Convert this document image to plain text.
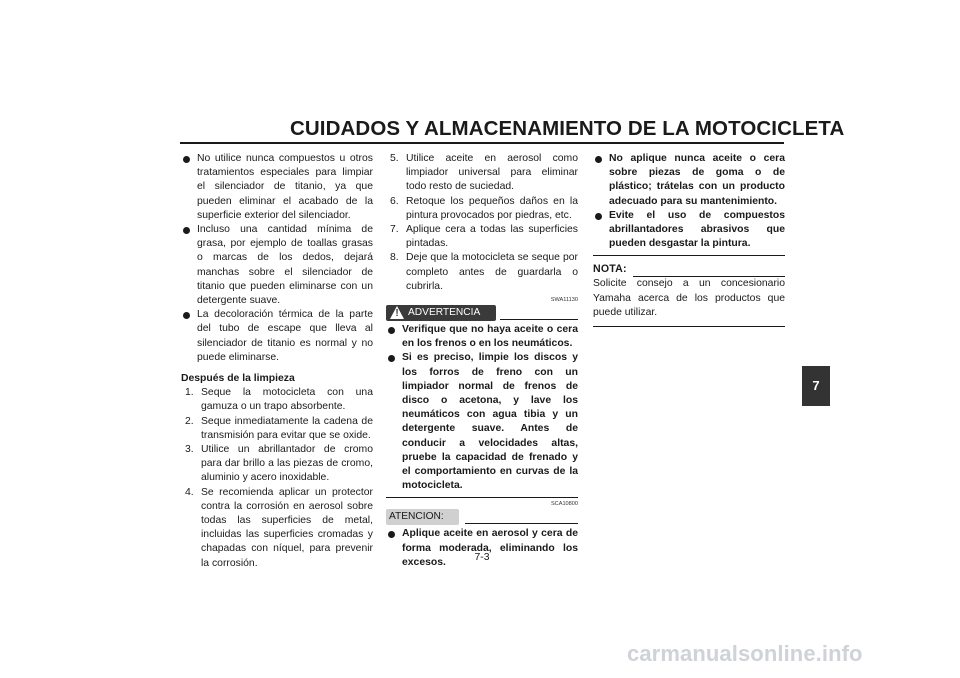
CUIDADOS Y ALMACENAMIENTO DE LA MOTOCICLETA
No utilice nunca compuestos u otros tratamientos especiales para limpiar el silenciador de titanio, ya que pueden eliminar el acabado de la superficie exterior del silenciador.
Incluso una cantidad mínima de grasa, por ejemplo de toallas grasas o marcas de los dedos, dejará manchas sobre el silenciador de titanio que pueden eliminarse con un detergente suave.
La decoloración térmica de la parte del tubo de escape que lleva al silenciador de titanio es normal y no puede eliminarse.
Después de la limpieza
1. Seque la motocicleta con una gamuza o un trapo absorbente.
2. Seque inmediatamente la cadena de transmisión para evitar que se oxide.
3. Utilice un abrillantador de cromo para dar brillo a las piezas de cromo, aluminio y acero inoxidable.
4. Se recomienda aplicar un protector contra la corrosión en aerosol sobre todas las superficies de metal, incluidas las superficies cromadas y chapadas con níquel, para prevenir la corrosión.
5. Utilice aceite en aerosol como limpiador universal para eliminar todo resto de suciedad.
6. Retoque los pequeños daños en la pintura provocados por piedras, etc.
7. Aplique cera a todas las superficies pintadas.
8. Deje que la motocicleta se seque por completo antes de guardarla o cubrirla.
SWA11130
! ADVERTENCIA
Verifique que no haya aceite o cera en los frenos o en los neumáticos.
Si es preciso, limpie los discos y los forros de freno con un limpiador normal de frenos de disco o acetona, y lave los neumáticos con agua tibia y un detergente suave. Antes de conducir a velocidades altas, pruebe la capacidad de frenado y el comportamiento en curvas de la motocicleta.
SCA10800
ATENCION:
Aplique aceite en aerosol y cera de forma moderada, eliminando los excesos.
No aplique nunca aceite o cera sobre piezas de goma o de plástico; trátelas con un producto adecuado para su mantenimiento.
Evite el uso de compuestos abrillantadores abrasivos que pueden desgastar la pintura.
NOTA:
Solicite consejo a un concesionario Yamaha acerca de los productos que puede utilizar.
7
7-3
carmanualsonline.info
